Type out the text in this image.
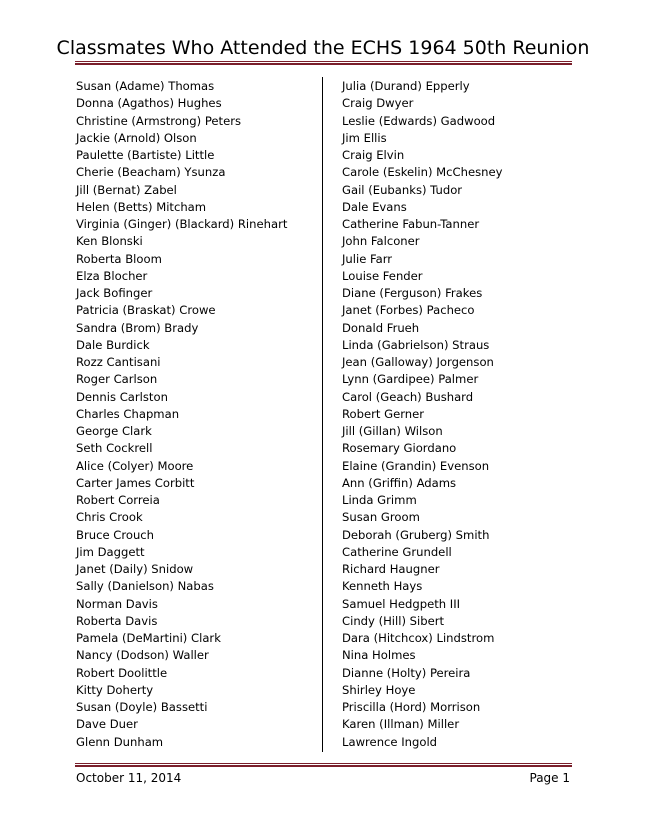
Classmates Who Attended the ECHS 1964 50th Reunion
Susan (Adame) Thomas
Donna (Agathos) Hughes
Christine (Armstrong) Peters
Jackie (Arnold) Olson
Paulette (Bartiste) Little
Cherie (Beacham) Ysunza
Jill (Bernat) Zabel
Helen (Betts) Mitcham
Virginia (Ginger) (Blackard) Rinehart
Ken Blonski
Roberta Bloom
Elza Blocher
Jack Bofinger
Patricia (Braskat) Crowe
Sandra (Brom) Brady
Dale Burdick
Rozz Cantisani
Roger Carlson
Dennis Carlston
Charles Chapman
George Clark
Seth Cockrell
Alice (Colyer) Moore
Carter James Corbitt
Robert Correia
Chris Crook
Bruce Crouch
Jim Daggett
Janet (Daily) Snidow
Sally (Danielson) Nabas
Norman Davis
Roberta Davis
Pamela (DeMartini) Clark
Nancy (Dodson) Waller
Robert Doolittle
Kitty Doherty
Susan (Doyle) Bassetti
Dave Duer
Glenn Dunham
Julia (Durand) Epperly
Craig Dwyer
Leslie (Edwards) Gadwood
Jim Ellis
Craig Elvin
Carole (Eskelin) McChesney
Gail (Eubanks) Tudor
Dale Evans
Catherine Fabun-Tanner
John Falconer
Julie Farr
Louise Fender
Diane (Ferguson) Frakes
Janet (Forbes) Pacheco
Donald Frueh
Linda (Gabrielson) Straus
Jean (Galloway) Jorgenson
Lynn (Gardipee) Palmer
Carol (Geach) Bushard
Robert Gerner
Jill (Gillan) Wilson
Rosemary Giordano
Elaine (Grandin) Evenson
Ann (Griffin) Adams
Linda Grimm
Susan Groom
Deborah (Gruberg) Smith
Catherine Grundell
Richard Haugner
Kenneth Hays
Samuel Hedgpeth III
Cindy (Hill) Sibert
Dara (Hitchcox) Lindstrom
Nina Holmes
Dianne (Holty) Pereira
Shirley Hoye
Priscilla (Hord) Morrison
Karen (Illman) Miller
Lawrence Ingold
October 11, 2014	Page 1
